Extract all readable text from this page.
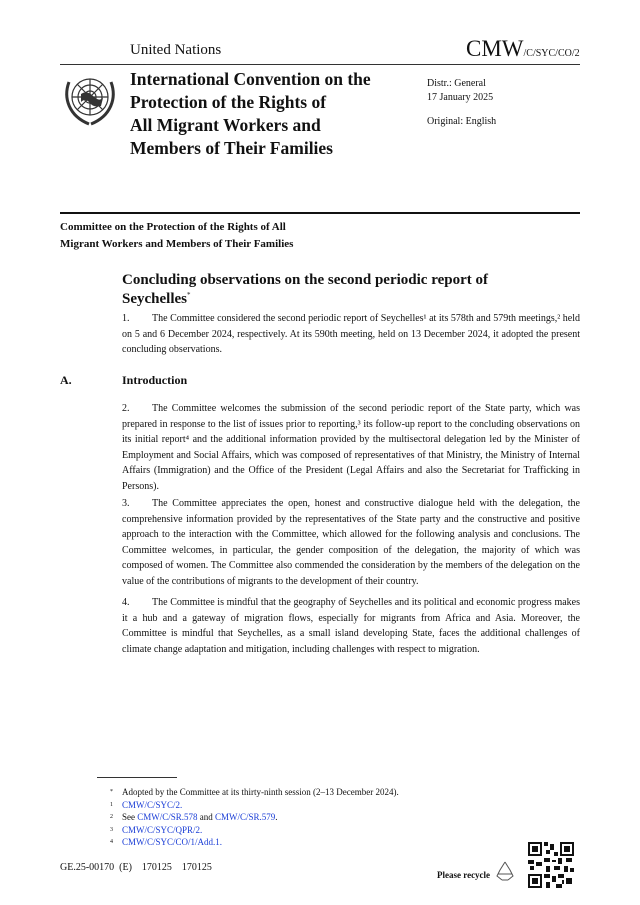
United Nations	CMW/C/SYC/CO/2
International Convention on the
Protection of the Rights of
All Migrant Workers and
Members of Their Families
Distr.: General
17 January 2025
Original: English
Committee on the Protection of the Rights of All
Migrant Workers and Members of Their Families
Concluding observations on the second periodic report of Seychelles*
1. The Committee considered the second periodic report of Seychelles¹ at its 578th and 579th meetings,² held on 5 and 6 December 2024, respectively. At its 590th meeting, held on 13 December 2024, it adopted the present concluding observations.
A.	Introduction
2. The Committee welcomes the submission of the second periodic report of the State party, which was prepared in response to the list of issues prior to reporting,³ its follow-up report to the concluding observations on its initial report⁴ and the additional information provided by the multisectoral delegation led by the Minister of Employment and Social Affairs, which was composed of representatives of that Ministry, the Ministry of Internal Affairs (Immigration) and the Office of the President (Legal Affairs and also the Secretariat for Trafficking in Persons).
3. The Committee appreciates the open, honest and constructive dialogue held with the delegation, the comprehensive information provided by the representatives of the State party and the constructive and positive approach to the interaction with the Committee, which allowed for the following analysis and conclusions. The Committee welcomes, in particular, the gender composition of the delegation, the majority of which was composed of women. The Committee also commended the consideration by the members of the delegation on the value of the contributions of migrants to the development of their country.
4. The Committee is mindful that the geography of Seychelles and its political and economic progress makes it a hub and a gateway of migration flows, especially for migrants from Africa and Asia. Moreover, the Committee is mindful that Seychelles, as a small island developing State, faces the additional challenges of climate change adaptation and mitigation, including challenges with respect to migration.
* Adopted by the Committee at its thirty-ninth session (2–13 December 2024).
1 CMW/C/SYC/2.
2 See CMW/C/SR.578 and CMW/C/SR.579.
3 CMW/C/SYC/QPR/2.
4 CMW/C/SYC/CO/1/Add.1.
GE.25-00170  (E)    170125    170125
Please recycle
